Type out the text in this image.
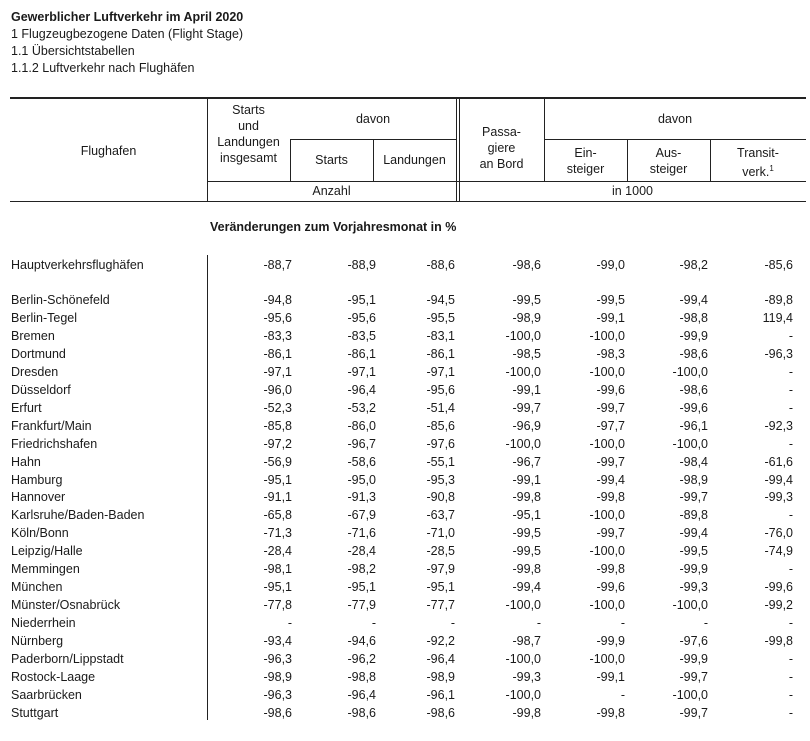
Gewerblicher Luftverkehr im April 2020
1 Flugzeugbezogene Daten (Flight Stage)
1.1 Übersichtstabellen
1.1.2 Luftverkehr nach Flughäfen
Flughafen
Starts
und
Landungen
insgesamt
davon
Starts	Landungen
Passa-
giere
an Bord
davon
Ein-
steiger
Aus-
steiger
Transit-
verk.$^1$
Anzahl	in 1000
Veränderungen zum Vorjahresmonat in %
Hauptverkehrsflughäfen	-88,7	-88,9	-88,6	-98,6	-99,0	-98,2	-85,6
Berlin-Schönefeld	-94,8	-95,1	-94,5	-99,5	-99,5	-99,4	-89,8
Berlin-Tegel	-95,6	-95,6	-95,5	-98,9	-99,1	-98,8	119,4
Bremen	-83,3	-83,5	-83,1	-100,0	-100,0	-99,9	-
Dortmund	-86,1	-86,1	-86,1	-98,5	-98,3	-98,6	-96,3
Dresden	-97,1	-97,1	-97,1	-100,0	-100,0	-100,0	-
Düsseldorf	-96,0	-96,4	-95,6	-99,1	-99,6	-98,6	-
Erfurt	-52,3	-53,2	-51,4	-99,7	-99,7	-99,6	-
Frankfurt/Main	-85,8	-86,0	-85,6	-96,9	-97,7	-96,1	-92,3
Friedrichshafen	-97,2	-96,7	-97,6	-100,0	-100,0	-100,0	-
Hahn	-56,9	-58,6	-55,1	-96,7	-99,7	-98,4	-61,6
Hamburg	-95,1	-95,0	-95,3	-99,1	-99,4	-98,9	-99,4
Hannover	-91,1	-91,3	-90,8	-99,8	-99,8	-99,7	-99,3
Karlsruhe/Baden-Baden	-65,8	-67,9	-63,7	-95,1	-100,0	-89,8	-
Köln/Bonn	-71,3	-71,6	-71,0	-99,5	-99,7	-99,4	-76,0
Leipzig/Halle	-28,4	-28,4	-28,5	-99,5	-100,0	-99,5	-74,9
Memmingen	-98,1	-98,2	-97,9	-99,8	-99,8	-99,9	-
München	-95,1	-95,1	-95,1	-99,4	-99,6	-99,3	-99,6
Münster/Osnabrück	-77,8	-77,9	-77,7	-100,0	-100,0	-100,0	-99,2
Niederrhein	-	-	-	-	-	-	-
Nürnberg	-93,4	-94,6	-92,2	-98,7	-99,9	-97,6	-99,8
Paderborn/Lippstadt	-96,3	-96,2	-96,4	-100,0	-100,0	-99,9	-
Rostock-Laage	-98,9	-98,8	-98,9	-99,3	-99,1	-99,7	-
Saarbrücken	-96,3	-96,4	-96,1	-100,0	-	-100,0	-
Stuttgart	-98,6	-98,6	-98,6	-99,8	-99,8	-99,7	-
